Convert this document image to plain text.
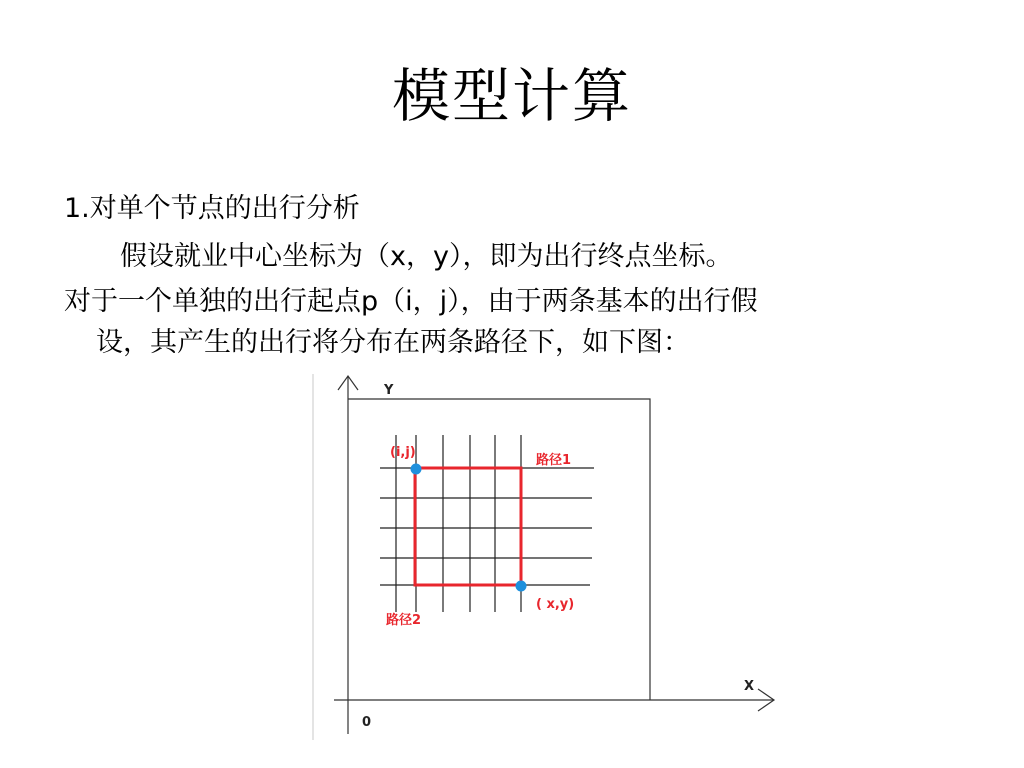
模型计算
1.对单个节点的出行分析
假设就业中心坐标为（x，y），即为出行终点坐标。
对于一个单独的出行起点p（i，j），由于两条基本的出行假
设，其产生的出行将分布在两条路径下，如下图：
Y
X
0
(i,j)
( x,y)
路径1
路径2
